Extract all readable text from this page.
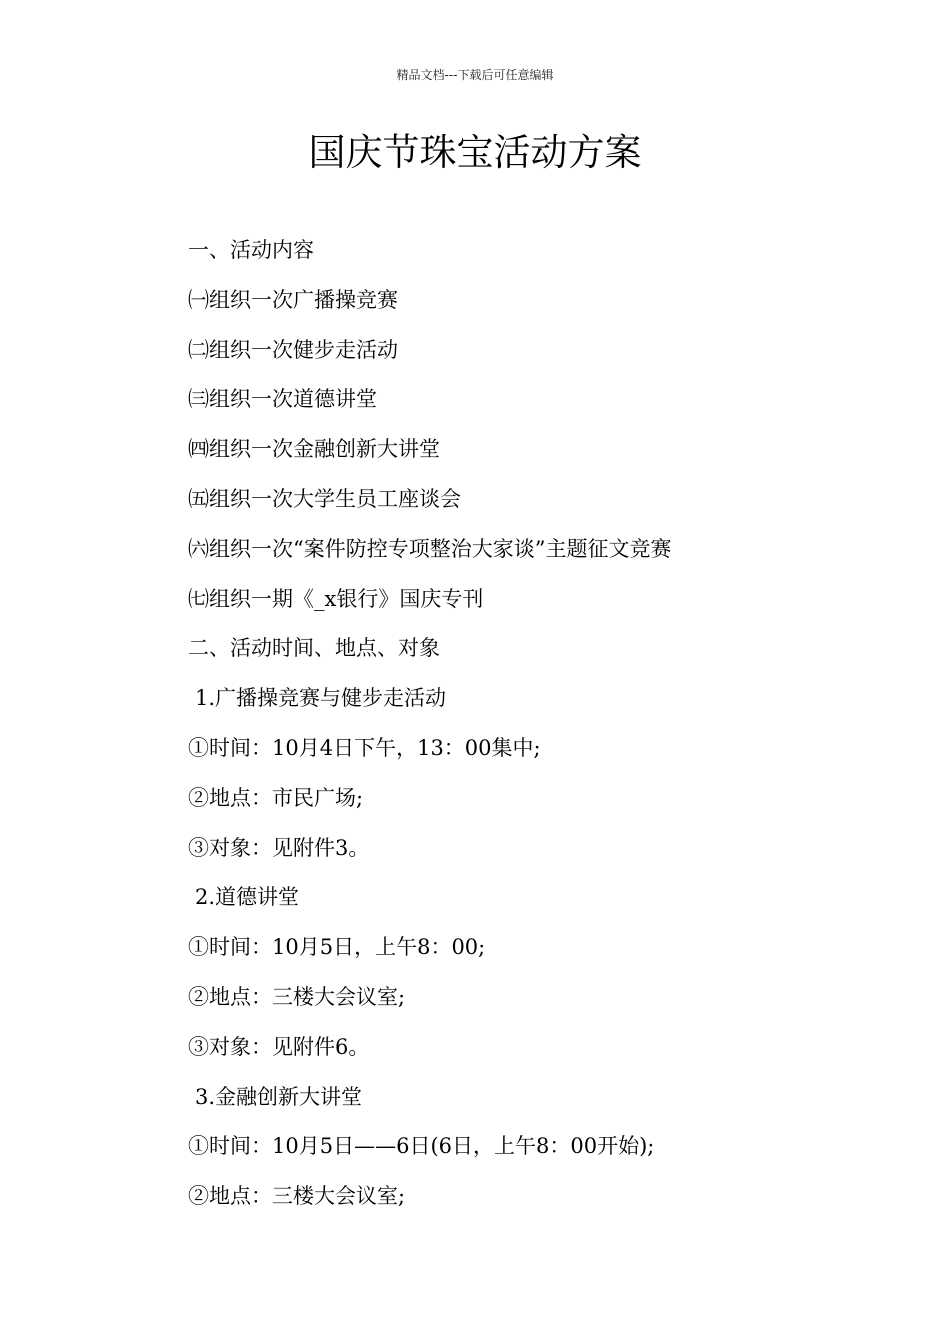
精品文档---下载后可任意编辑
国庆节珠宝活动方案
一、活动内容
㈠组织一次广播操竞赛
㈡组织一次健步走活动
㈢组织一次道德讲堂
㈣组织一次金融创新大讲堂
㈤组织一次大学生员工座谈会
㈥组织一次“案件防控专项整治大家谈”主题征文竞赛
㈦组织一期《_x银行》国庆专刊
二、活动时间、地点、对象
1.广播操竞赛与健步走活动
①时间：10月4日下午，13：00集中;
②地点：市民广场;
③对象：见附件3。
2.道德讲堂
①时间：10月5日，上午8：00;
②地点：三楼大会议室;
③对象：见附件6。
3.金融创新大讲堂
①时间：10月5日——6日(6日，上午8：00开始);
②地点：三楼大会议室;
